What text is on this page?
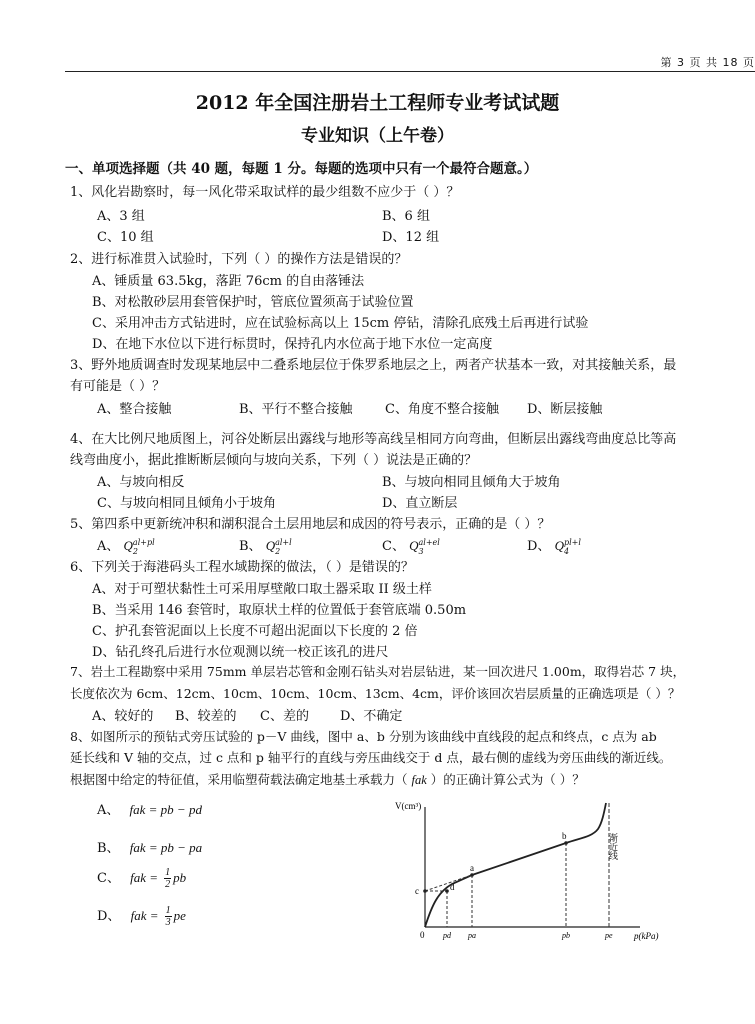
第 3 页 共 18 页
2012 年全国注册岩土工程师专业考试试题
专业知识（上午卷）
一、单项选择题（共 40 题，每题 1 分。每题的选项中只有一个最符合题意。）
1、风化岩勘察时，每一风化带采取试样的最少组数不应少于（ ）？
A、3 组	B、6 组
C、10 组	D、12 组
2、进行标准贯入试验时，下列（ ）的操作方法是错误的？
A、锤质量 63.5kg，落距 76cm 的自由落锤法
B、对松散砂层用套管保护时，管底位置须高于试验位置
C、采用冲击方式钻进时，应在试验标高以上 15cm 停钻，清除孔底残土后再进行试验
D、在地下水位以下进行标贯时，保持孔内水位高于地下水位一定高度
3、野外地质调查时发现某地层中二叠系地层位于侏罗系地层之上，两者产状基本一致，对其接触关系，最
有可能是（ ）？
A、整合接触	B、平行不整合接触 C、角度不整合接触 D、断层接触
4、在大比例尺地质图上，河谷处断层出露线与地形等高线呈相同方向弯曲，但断层出露线弯曲度总比等高
线弯曲度小，据此推断断层倾向与坡向关系，下列（ ）说法是正确的？
A、与坡向相反	B、与坡向相同且倾角大于坡角
C、与坡向相同且倾角小于坡角	D、直立断层
5、第四系中更新统冲积和湖积混合土层用地层和成因的符号表示，正确的是（ ）？
A、 Q al+pl
2	B、 Q al+l
2	C、 Q al+el
3	D、 Q pl+l
4
6、下列关于海港码头工程水域勘探的做法，（ ）是错误的？
A、对于可塑状黏性土可采用厚壁敞口取土器采取 II 级土样
B、当采用 146 套管时，取原状土样的位置低于套管底端 0.50m
C、护孔套管泥面以上长度不可超出泥面以下长度的 2 倍
D、钻孔终孔后进行水位观测以统一校正该孔的进尺
7、岩土工程勘察中采用 75mm 单层岩芯管和金刚石钻头对岩层钻进，某一回次进尺 1.00m，取得岩芯 7 块，
长度依次为 6cm、12cm、10cm、10cm、10cm、13cm、4cm，评价该回次岩层质量的正确选项是（ ）？
A、较好的 B、较差的 C、差的 D、不确定
8、如图所示的预钻式旁压试验的 p－V 曲线，图中 a、b 分别为该曲线中直线段的起点和终点，c 点为 ab
延长线和 V 轴的交点，过 c 点和 p 轴平行的直线与旁压曲线交于 d 点，最右侧的虚线为旁压曲线的渐近线。
根据图中给定的特征值，采用临塑荷载法确定地基土承载力（ fak ）的正确计算公式为（ ）？
A、 fak = pb − pd
B、 fak = pb − pa
C、 fak = $\frac{1}{2}$ pb
D、 fak = $\frac{1}{3}$ pe
V(cm³)
p(kPa)
0
渐近线
c	d
a
b
pd pa	pb	pe
